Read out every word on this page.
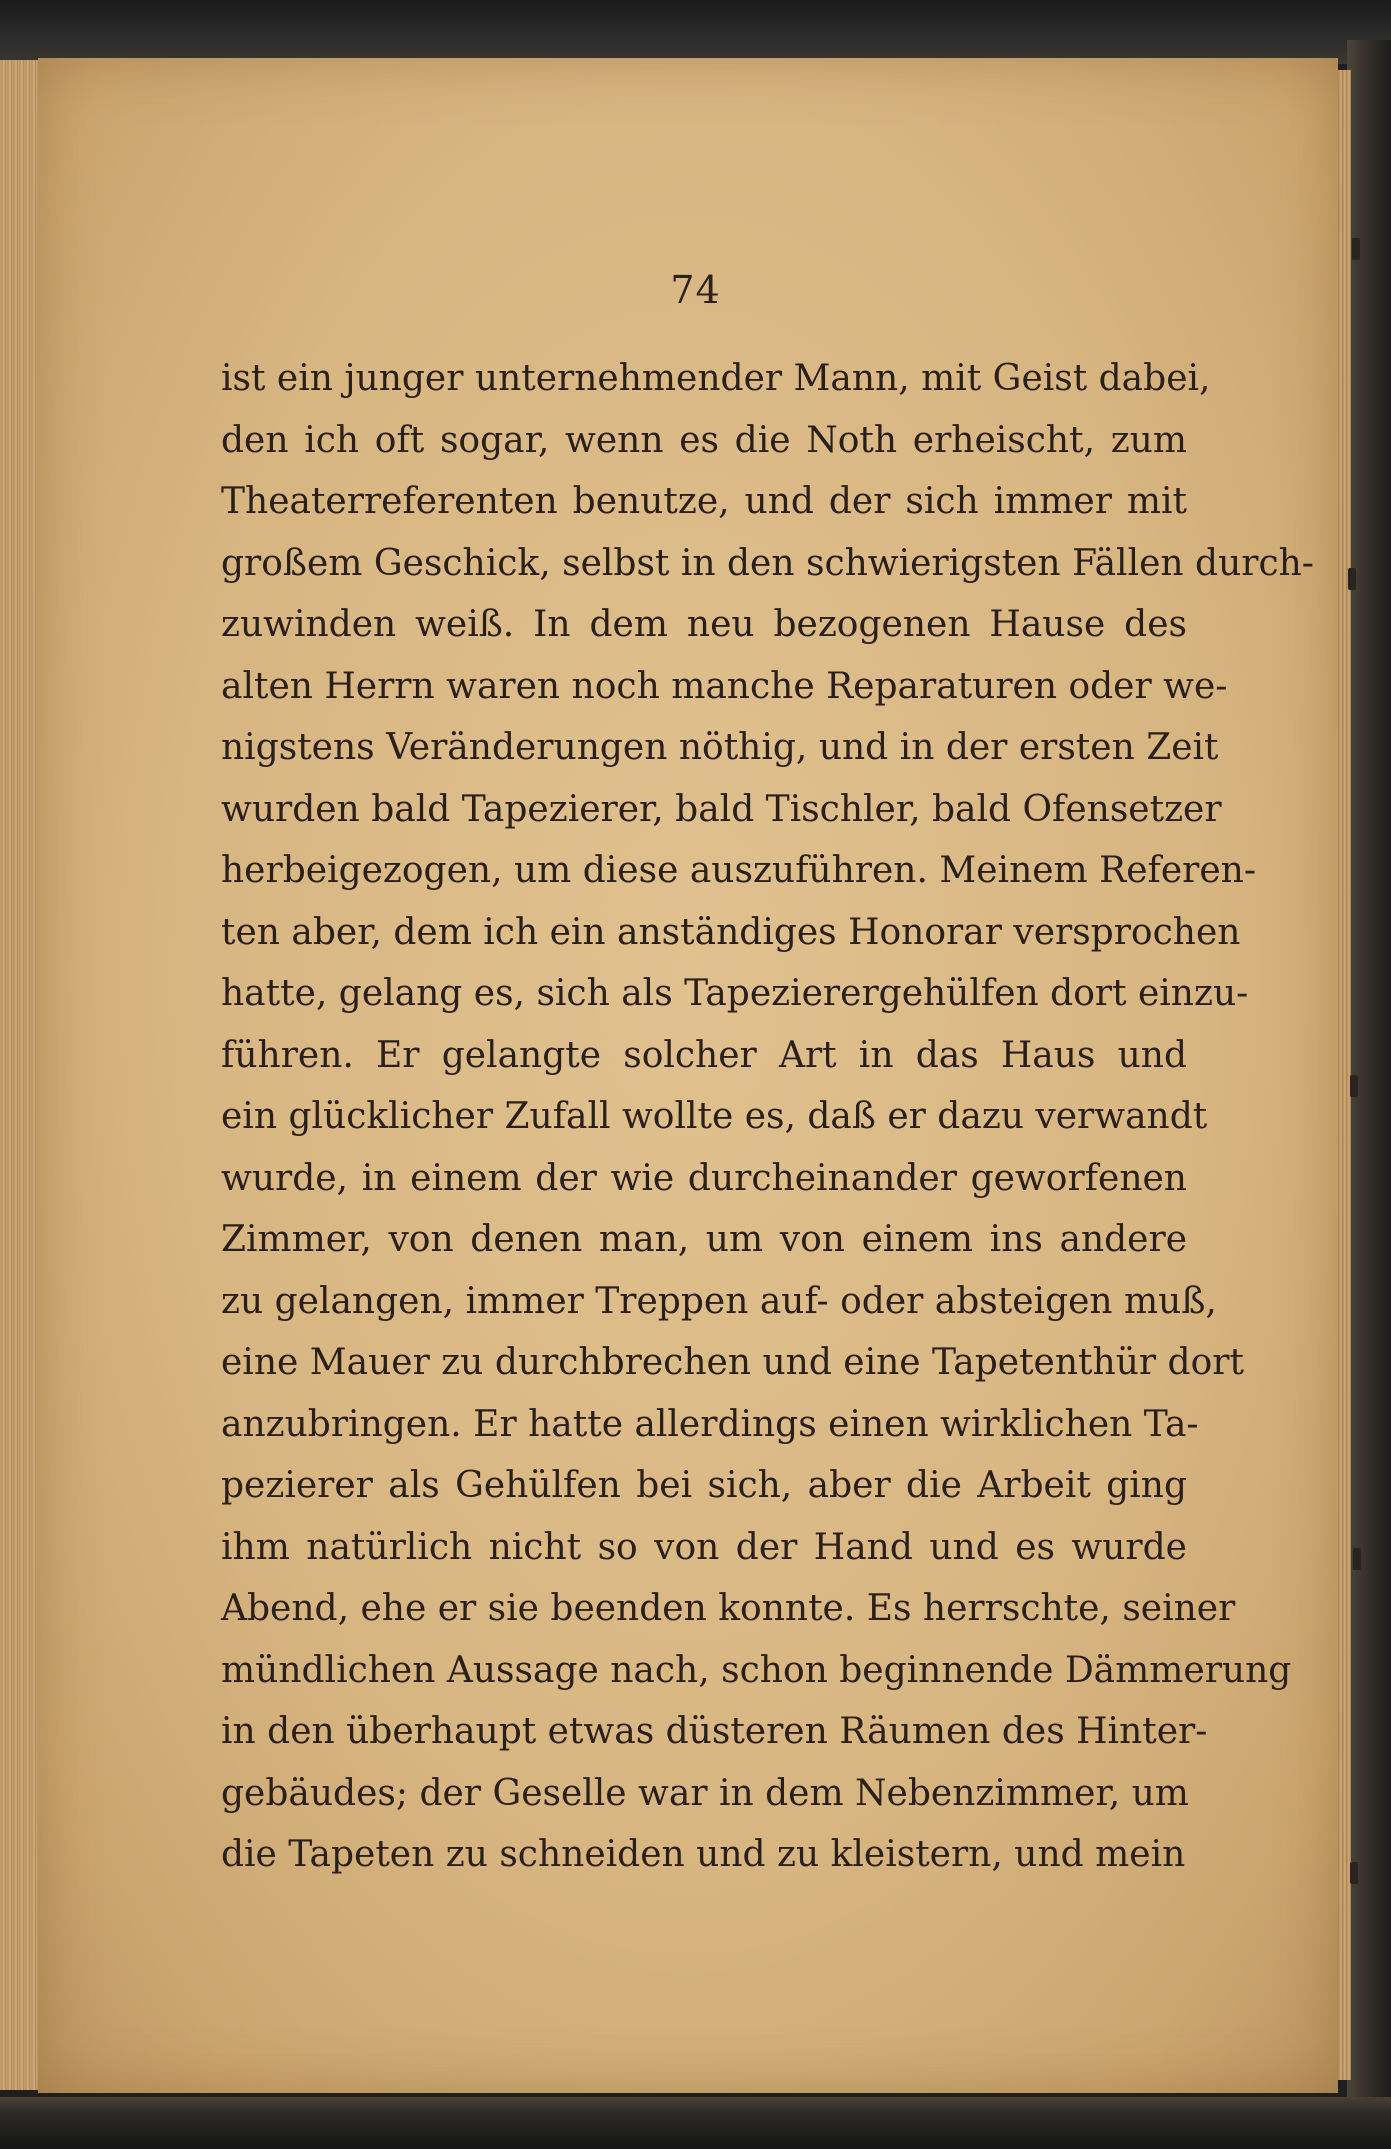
74
ist ein junger unternehmender Mann, mit Geist dabei,
den ich oft sogar, wenn es die Noth erheischt, zum
Theaterreferenten benutze, und der sich immer mit
großem Geschick, selbst in den schwierigsten Fällen durch-
zuwinden weiß. In dem neu bezogenen Hause des
alten Herrn waren noch manche Reparaturen oder we-
nigstens Veränderungen nöthig, und in der ersten Zeit
wurden bald Tapezierer, bald Tischler, bald Ofensetzer
herbeigezogen, um diese auszuführen. Meinem Referen-
ten aber, dem ich ein anständiges Honorar versprochen
hatte, gelang es, sich als Tapezierergehülfen dort einzu-
führen. Er gelangte solcher Art in das Haus und
ein glücklicher Zufall wollte es, daß er dazu verwandt
wurde, in einem der wie durcheinander geworfenen
Zimmer, von denen man, um von einem ins andere
zu gelangen, immer Treppen auf- oder absteigen muß,
eine Mauer zu durchbrechen und eine Tapetenthür dort
anzubringen. Er hatte allerdings einen wirklichen Ta-
pezierer als Gehülfen bei sich, aber die Arbeit ging
ihm natürlich nicht so von der Hand und es wurde
Abend, ehe er sie beenden konnte. Es herrschte, seiner
mündlichen Aussage nach, schon beginnende Dämmerung
in den überhaupt etwas düsteren Räumen des Hinter-
gebäudes; der Geselle war in dem Nebenzimmer, um
die Tapeten zu schneiden und zu kleistern, und mein
